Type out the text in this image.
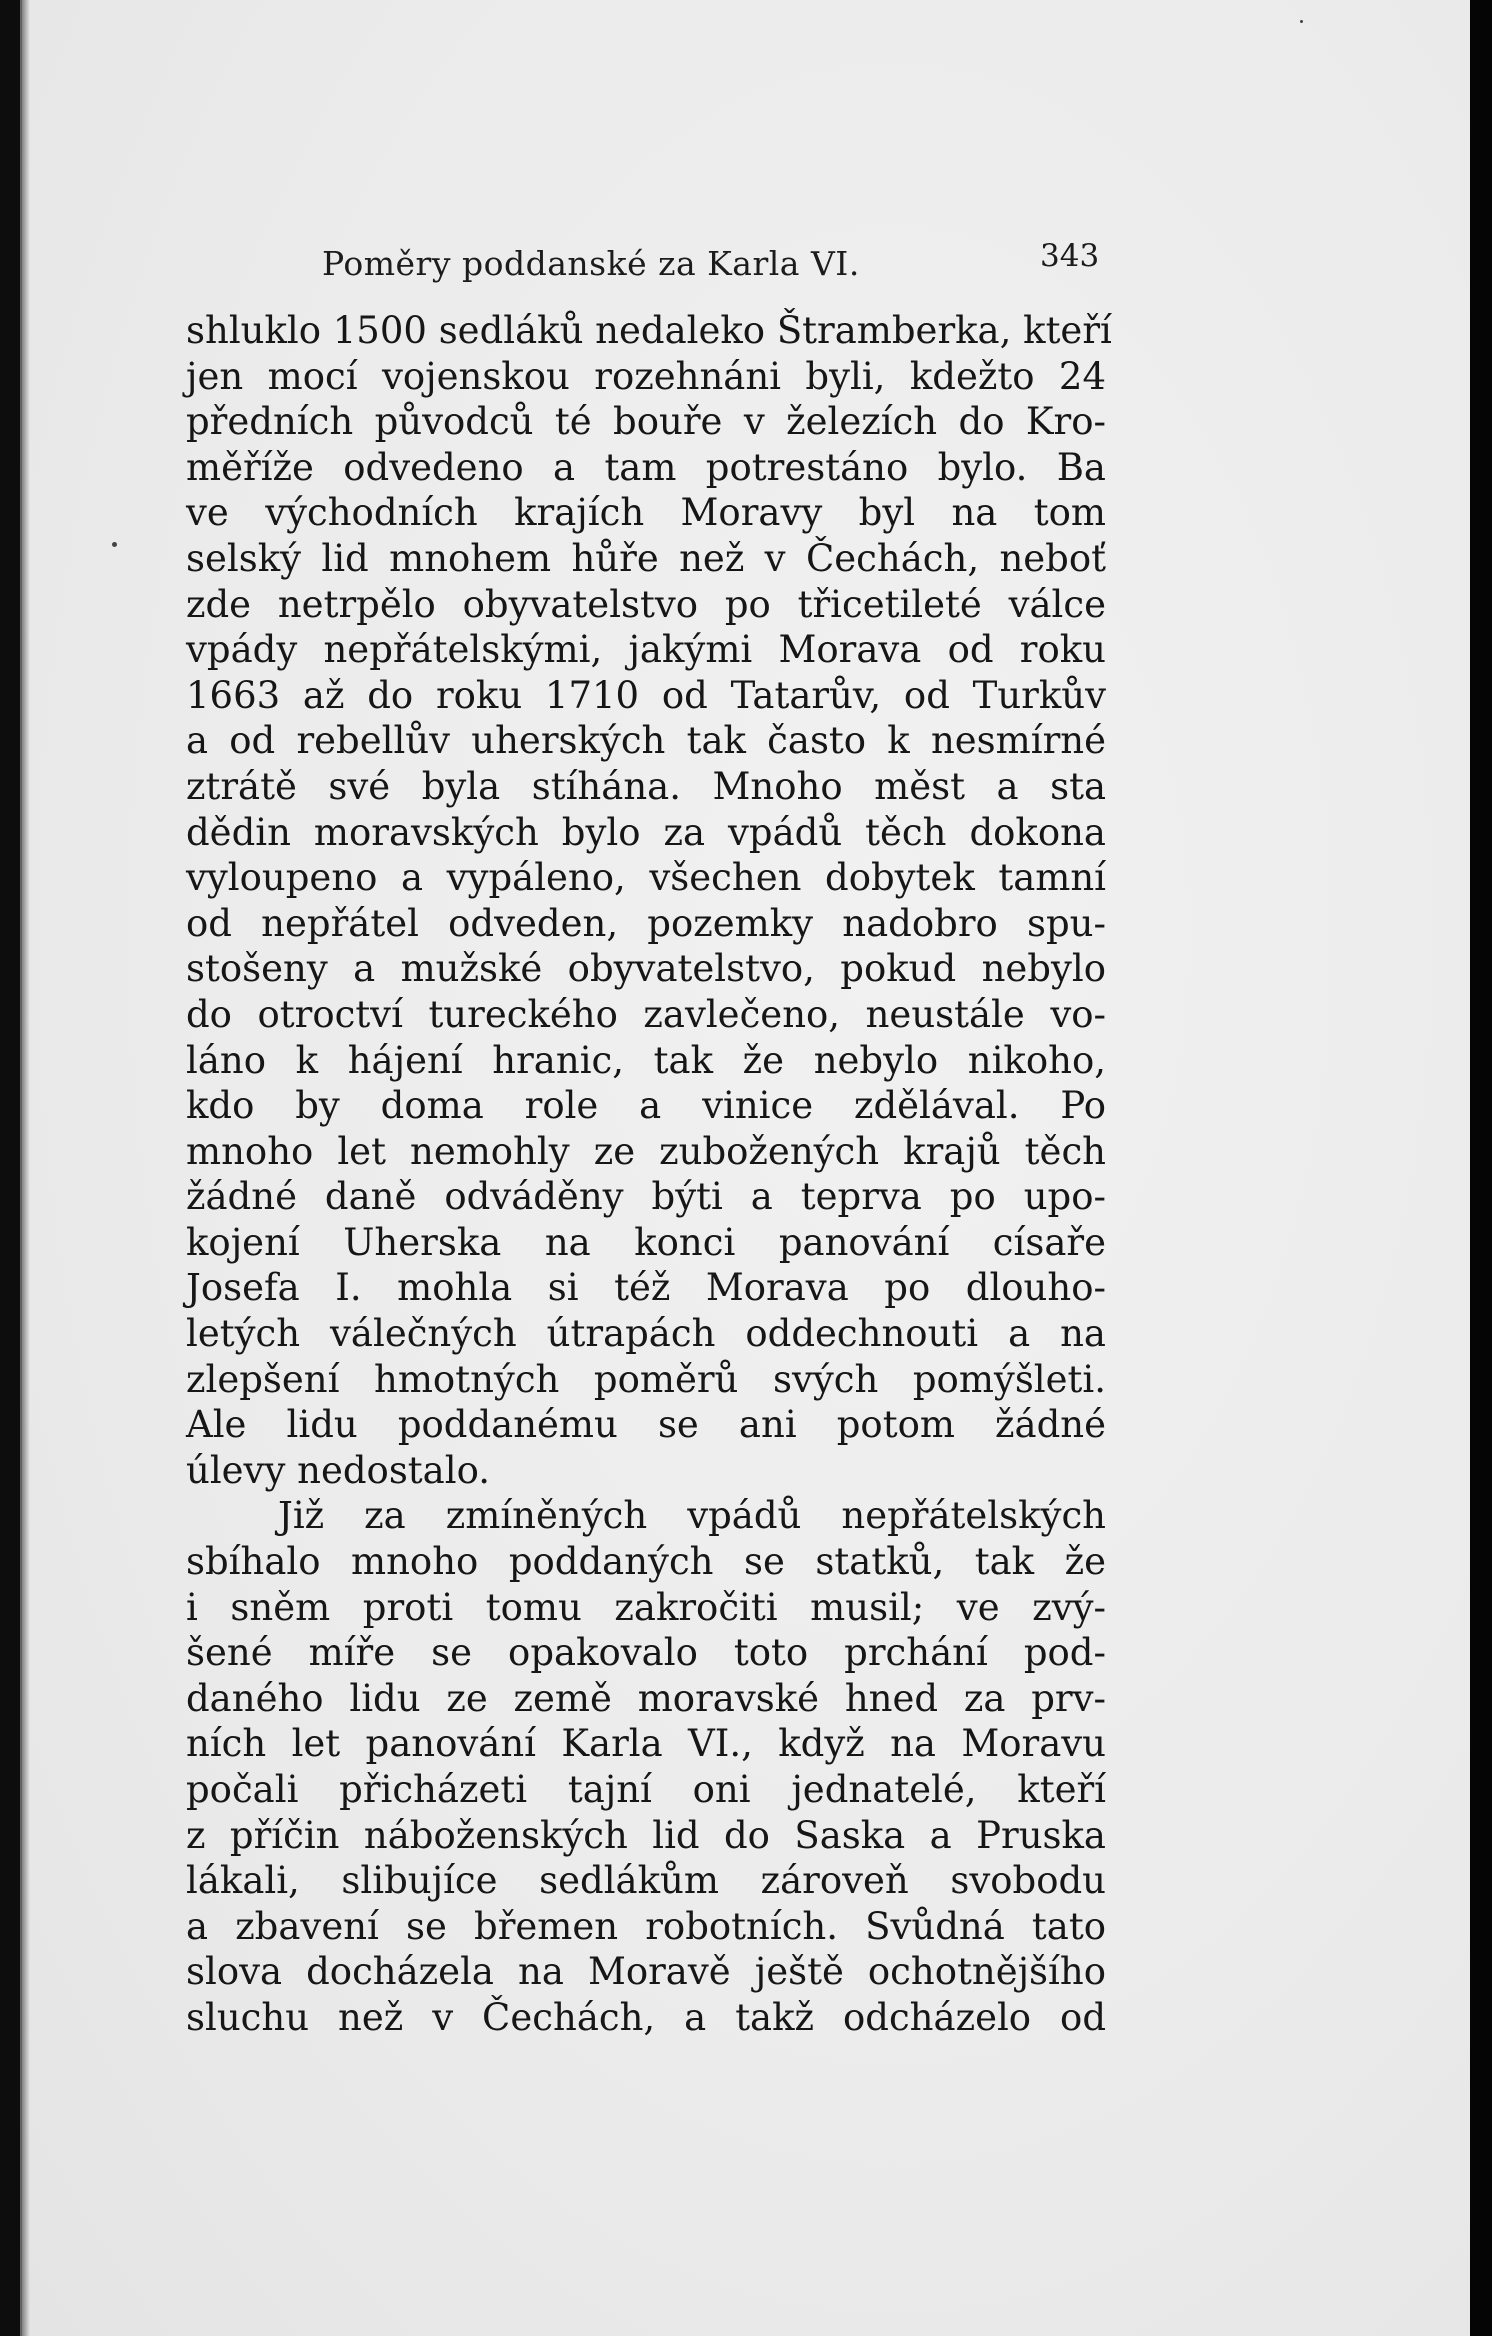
Poměry poddanské za Karla VI.	343
shluklo 1500 sedláků nedaleko Štramberka, kteří
jen mocí vojenskou rozehnáni byli, kdežto 24
předních původců té bouře v železích do Kro-
měříže odvedeno a tam potrestáno bylo. Ba
ve východních krajích Moravy byl na tom
selský lid mnohem hůře než v Čechách, neboť
zde netrpělo obyvatelstvo po třicetileté válce
vpády nepřátelskými, jakými Morava od roku
1663 až do roku 1710 od Tatarův, od Turkův
a od rebellův uherských tak často k nesmírné
ztrátě své byla stíhána. Mnoho měst a sta
dědin moravských bylo za vpádů těch dokona
vyloupeno a vypáleno, všechen dobytek tamní
od nepřátel odveden, pozemky nadobro spu-
stošeny a mužské obyvatelstvo, pokud nebylo
do otroctví tureckého zavlečeno, neustále vo-
láno k hájení hranic, tak že nebylo nikoho,
kdo by doma role a vinice zdělával. Po
mnoho let nemohly ze zubožených krajů těch
žádné daně odváděny býti a teprva po upo-
kojení Uherska na konci panování císaře
Josefa I. mohla si též Morava po dlouho-
letých válečných útrapách oddechnouti a na
zlepšení hmotných poměrů svých pomýšleti.
Ale lidu poddanému se ani potom žádné
úlevy nedostalo.
Již za zmíněných vpádů nepřátelských
sbíhalo mnoho poddaných se statků, tak že
i sněm proti tomu zakročiti musil; ve zvý-
šené míře se opakovalo toto prchání pod-
daného lidu ze země moravské hned za prv-
ních let panování Karla VI., když na Moravu
počali přicházeti tajní oni jednatelé, kteří
z příčin náboženských lid do Saska a Pruska
lákali, slibujíce sedlákům zároveň svobodu
a zbavení se břemen robotních. Svůdná tato
slova docházela na Moravě ještě ochotnějšího
sluchu než v Čechách, a takž odcházelo od
